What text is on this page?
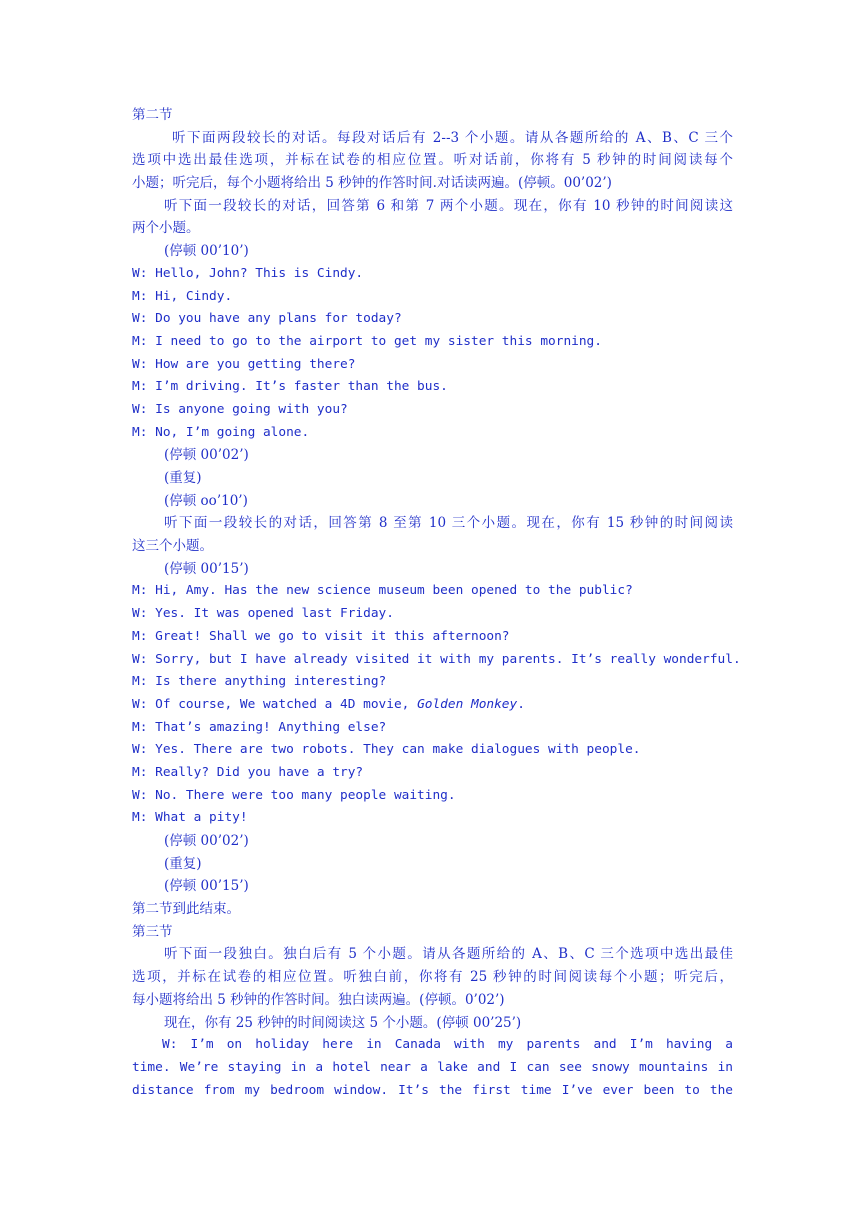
第二节
听下面两段较长的对话。每段对话后有 2--3 个小题。请从各题所给的 A、B、C 三个
选项中选出最佳选项，并标在试卷的相应位置。听对话前，你将有 5 秒钟的时间阅读每个
小题；听完后，每个小题将给出 5 秒钟的作答时间.对话读两遍。(停顿。00’02’)
听下面一段较长的对话，回答第 6 和第 7 两个小题。现在，你有 10 秒钟的时间阅读这
两个小题。
(停顿 00’10’)
W: Hello, John? This is Cindy.
M: Hi, Cindy.
W: Do you have any plans for today?
M: I need to go to the airport to get my sister this morning.
W: How are you getting there?
M: I’m driving. It’s faster than the bus.
W: Is anyone going with you?
M: No, I’m going alone.
(停顿 00’02’)
(重复)
(停顿 oo’10’)
听下面一段较长的对话，回答第 8 至第 10 三个小题。现在，你有 15 秒钟的时间阅读
这三个小题。
(停顿 00’15’)
M: Hi, Amy. Has the new science museum been opened to the public?
W: Yes. It was opened last Friday.
M: Great! Shall we go to visit it this afternoon?
W: Sorry, but I have already visited it with my parents. It’s really wonderful.
M: Is there anything interesting?
W: Of course, We watched a 4D movie, Golden Monkey.
M: That’s amazing! Anything else?
W: Yes. There are two robots. They can make dialogues with people.
M: Really? Did you have a try?
W: No. There were too many people waiting.
M: What a pity!
(停顿 00’02’)
(重复)
(停顿 00’15’)
第二节到此结束。
第三节
听下面一段独白。独白后有 5 个小题。请从各题所给的 A、B、C 三个选项中选出最佳
选项，并标在试卷的相应位置。听独白前，你将有 25 秒钟的时间阅读每个小题；听完后，
每小题将给出 5 秒钟的作答时间。独白读两遍。(停顿。0’02’)
现在，你有 25 秒钟的时间阅读这 5 个小题。(停顿 00’25’)
W: I’m on holiday here in Canada with my parents and I’m having a
time. We’re staying in a hotel near a lake and I can see snowy mountains in
distance from my bedroom window. It’s the first time I’ve ever been to the
